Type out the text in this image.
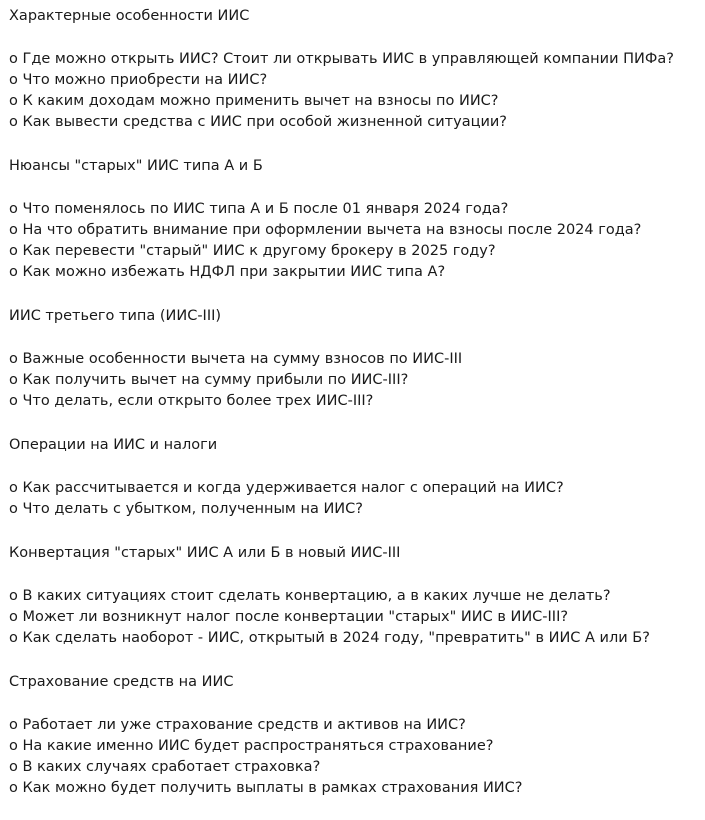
Характерные особенности ИИС
о Где можно открыть ИИС? Стоит ли открывать ИИС в управляющей компании ПИФа?
о Что можно приобрести на ИИС?
о К каким доходам можно применить вычет на взносы по ИИС?
о Как вывести средства с ИИС при особой жизненной ситуации?
Нюансы "старых" ИИС типа А и Б
о Что поменялось по ИИС типа А и Б после 01 января 2024 года?
о На что обратить внимание при оформлении вычета на взносы после 2024 года?
о Как перевести "старый" ИИС к другому брокеру в 2025 году?
о Как можно избежать НДФЛ при закрытии ИИС типа А?
ИИС третьего типа (ИИС-III)
о Важные особенности вычета на сумму взносов по ИИС-III
о Как получить вычет на сумму прибыли по ИИС-III?
о Что делать, если открыто более трех ИИС-III?
Операции на ИИС и налоги
о Как рассчитывается и когда удерживается налог с операций на ИИС?
о Что делать с убытком, полученным на ИИС?
Конвертация "старых" ИИС А или Б в новый ИИС-III
о В каких ситуациях стоит сделать конвертацию, а в каких лучше не делать?
о Может ли возникнут налог после конвертации "старых" ИИС в ИИС-III?
о Как сделать наоборот - ИИС, открытый в 2024 году, "превратить" в ИИС А или Б?
Страхование средств на ИИС
о Работает ли уже страхование средств и активов на ИИС?
о На какие именно ИИС будет распространяться страхование?
о В каких случаях сработает страховка?
о Как можно будет получить выплаты в рамках страхования ИИС?
